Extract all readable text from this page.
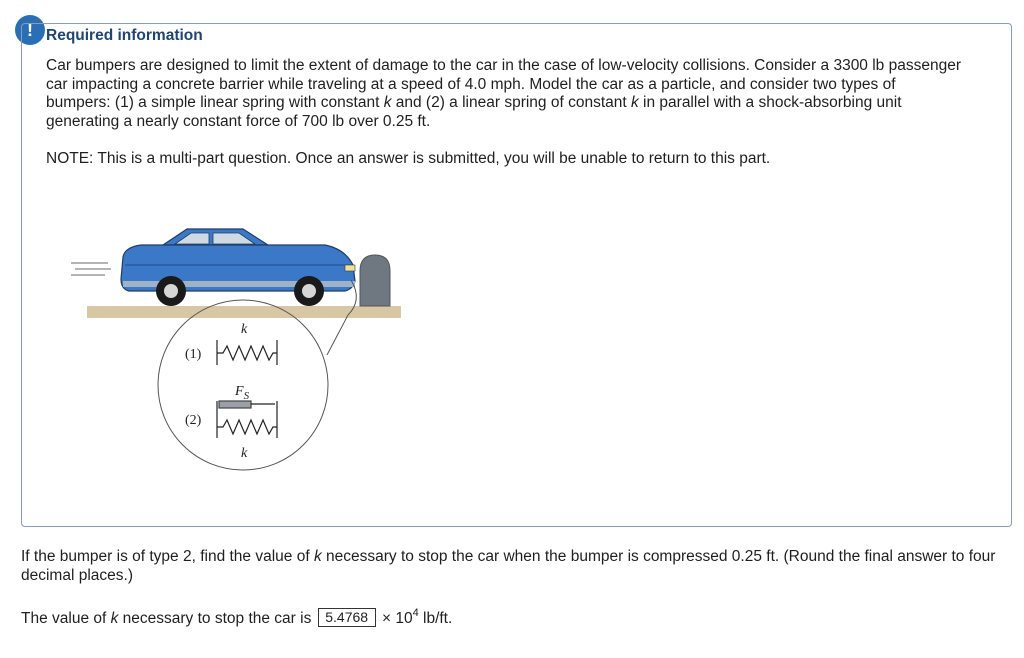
! Required information

Car bumpers are designed to limit the extent of damage to the car in the case of low-velocity collisions. Consider a 3300 lb passenger car impacting a concrete barrier while traveling at a speed of 4.0 mph. Model the car as a particle, and consider two types of bumpers: (1) a simple linear spring with constant k and (2) a linear spring of constant k in parallel with a shock-absorbing unit generating a nearly constant force of 700 lb over 0.25 ft.

NOTE: This is a multi-part question. Once an answer is submitted, you will be unable to return to this part.

k
(1)
$F_S$
(2)
k

If the bumper is of type 2, find the value of k necessary to stop the car when the bumper is compressed 0.25 ft. (Round the final answer to four decimal places.)

The value of k necessary to stop the car is $5.4768 \times 10^4$ lb/ft.
